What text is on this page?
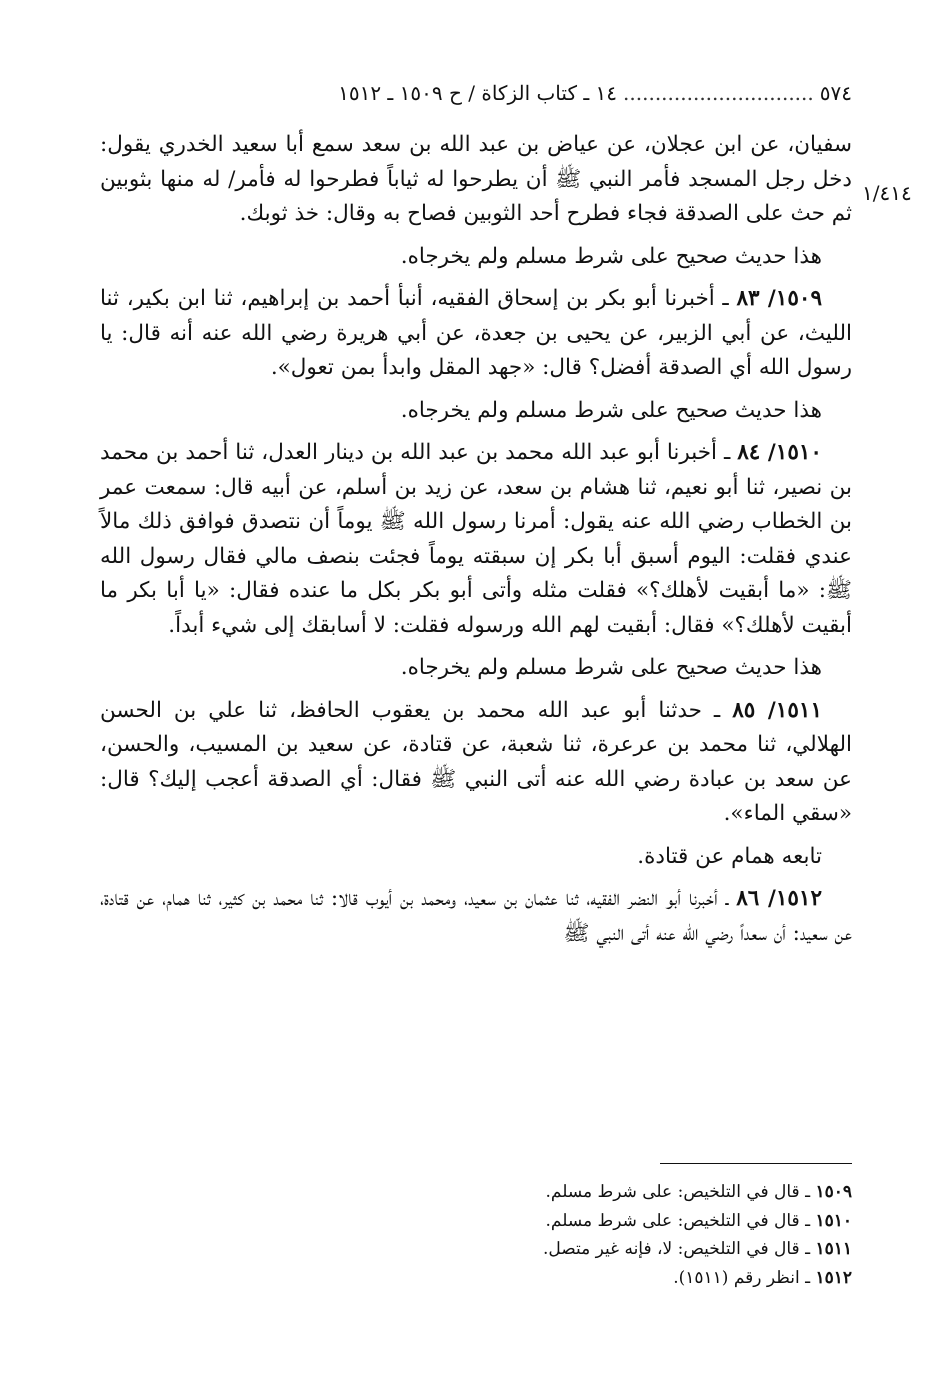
٥٧٤..............................١٤ ـ كتاب الزكاة / ح ١٥٠٩ ـ ١٥١٢
١/٤١٤

سفيان، عن ابن عجلان، عن عياض بن عبد الله بن سعد سمع أبا سعيد الخدري يقول: دخل رجل المسجد فأمر النبي ﷺ أن يطرحوا له ثياباً فطرحوا له فأمر/ له منها بثوبين ثم حث على الصدقة فجاء فطرح أحد الثوبين فصاح به وقال: خذ ثوبك.

هذا حديث صحيح على شرط مسلم ولم يخرجاه.

١٥٠٩/ ٨٣ ـ أخبرنا أبو بكر بن إسحاق الفقيه، أنبأ أحمد بن إبراهيم، ثنا ابن بكير، ثنا الليث، عن أبي الزبير، عن يحيى بن جعدة، عن أبي هريرة رضي الله عنه أنه قال: يا رسول الله أي الصدقة أفضل؟ قال: «جهد المقل وابدأ بمن تعول».

هذا حديث صحيح على شرط مسلم ولم يخرجاه.

١٥١٠/ ٨٤ ـ أخبرنا أبو عبد الله محمد بن عبد الله بن دينار العدل، ثنا أحمد بن محمد بن نصير، ثنا أبو نعيم، ثنا هشام بن سعد، عن زيد بن أسلم، عن أبيه قال: سمعت عمر بن الخطاب رضي الله عنه يقول: أمرنا رسول الله ﷺ يوماً أن نتصدق فوافق ذلك مالاً عندي فقلت: اليوم أسبق أبا بكر إن سبقته يوماً فجئت بنصف مالي فقال رسول الله ﷺ: «ما أبقيت لأهلك؟» فقلت مثله وأتى أبو بكر بكل ما عنده فقال: «يا أبا بكر ما أبقيت لأهلك؟» فقال: أبقيت لهم الله ورسوله فقلت: لا أسابقك إلى شيء أبداً.

هذا حديث صحيح على شرط مسلم ولم يخرجاه.

١٥١١/ ٨٥ ـ حدثنا أبو عبد الله محمد بن يعقوب الحافظ، ثنا علي بن الحسن الهلالي، ثنا محمد بن عرعرة، ثنا شعبة، عن قتادة، عن سعيد بن المسيب، والحسن، عن سعد بن عبادة رضي الله عنه أتى النبي ﷺ فقال: أي الصدقة أعجب إليك؟ قال: «سقي الماء».

تابعه همام عن قتادة.

١٥١٢/ ٨٦ ـ أخبرنا أبو النضر الفقيه، ثنا عثمان بن سعيد، ومحمد بن أيوب قالا: ثنا محمد بن كثير، ثنا همام، عن قتادة، عن سعيد: أن سعداً رضي الله عنه أتى النبي ﷺ

١٥٠٩ ـ قال في التلخيص: على شرط مسلم.
١٥١٠ ـ قال في التلخيص: على شرط مسلم.
١٥١١ ـ قال في التلخيص: لا، فإنه غير متصل.
١٥١٢ ـ انظر رقم (١٥١١).
